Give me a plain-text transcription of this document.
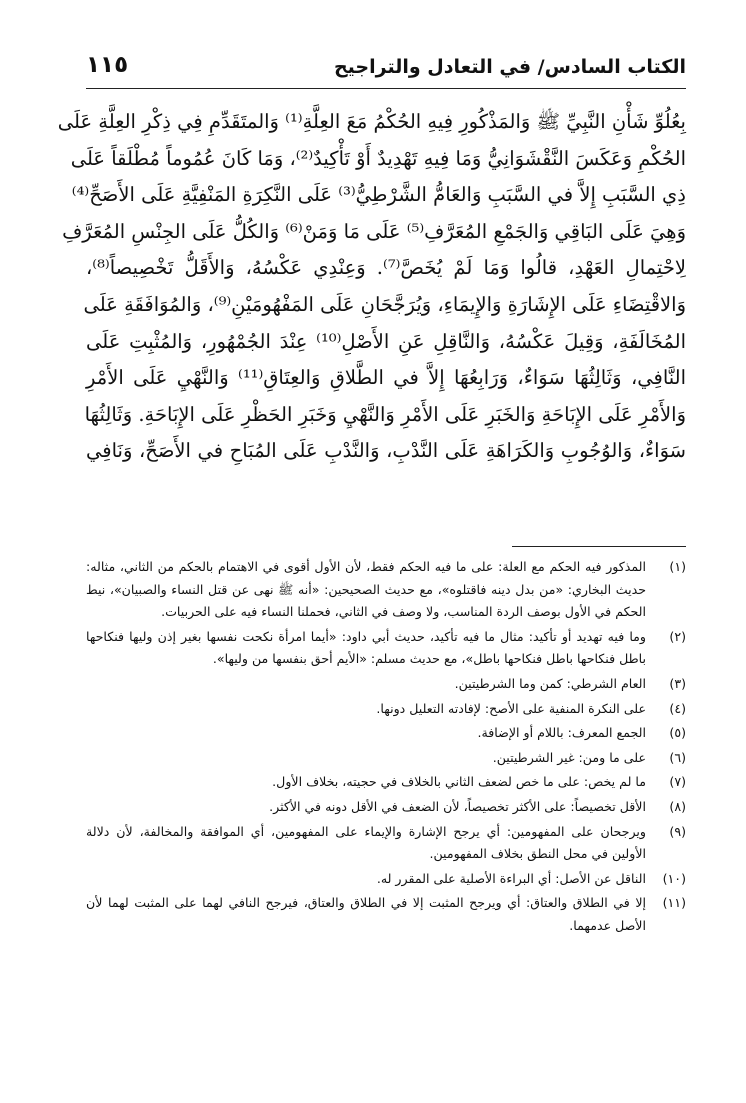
الكتاب السادس/ في التعادل والتراجيح
١١٥
بِعُلُوِّ شَأْنِ النَّبِيِّ ﷺ وَالمَذْكُورِ فِيهِ الحُكْمُ مَعَ العِلَّةِ⁽¹⁾ وَالمتَقَدِّمِ فِي ذِكْرِ العِلَّةِ عَلَى
الحُكْمِ وَعَكَسَ النَّقْشَوَانِيُّ وَمَا فِيهِ تَهْدِيدٌ أَوْ تَأْكِيدٌ⁽²⁾، وَمَا كَانَ عُمُوماً مُطْلَقاً عَلَى
ذِي السَّبَبِ إِلاَّ في السَّبَبِ وَالعَامُّ الشَّرْطِيُّ⁽³⁾ عَلَى النَّكِرَةِ المَنْفِيَّةِ عَلَى الأَصَحِّ⁽⁴⁾
وَهِيَ عَلَى البَاقِي وَالجَمْعِ المُعَرَّفِ⁽⁵⁾ عَلَى مَا وَمَنْ⁽⁶⁾ وَالكُلُّ عَلَى الجِنْسِ المُعَرَّفِ
لِاحْتِمالِ العَهْدِ، قالُوا وَمَا لَمْ يُخَصَّ⁽⁷⁾. وَعِنْدِي عَكْسُهُ، وَالأَقَلُّ تَخْصِيصاً⁽⁸⁾،
وَالاقْتِضَاءِ عَلَى الإِشَارَةِ وَالإِيمَاءِ، وَيُرَجَّحَانِ عَلَى المَفْهُومَيْنِ⁽⁹⁾، وَالمُوَافَقَةِ عَلَى
المُخَالَفَةِ، وَقِيلَ عَكْسُهُ، وَالنَّاقِلِ عَنِ الأَصْلِ⁽¹⁰⁾ عِنْدَ الجُمْهُورِ، وَالمُثْبِتِ عَلَى
النَّافِي، وَثَالِثُهَا سَوَاءٌ، وَرَابِعُهَا إِلاَّ في الطَّلاقِ وَالعِتَاقِ⁽¹¹⁾ وَالنَّهْيِ عَلَى الأَمْرِ
وَالأَمْرِ عَلَى الإِبَاحَةِ وَالخَبَرِ عَلَى الأَمْرِ وَالنَّهْيِ وَخَبَرِ الحَظْرِ عَلَى الإِبَاحَةِ. وَثَالِثُهَا
سَوَاءٌ، وَالوُجُوبِ وَالكَرَاهَةِ عَلَى النَّدْبِ، وَالنَّدْبِ عَلَى المُبَاحِ في الأَصَحِّ، وَنَافِي
(١)
المذكور فيه الحكم مع العلة: على ما فيه الحكم فقط، لأن الأول أقوى في الاهتمام بالحكم من الثاني، مثاله: حديث البخاري: «من بدل دينه فاقتلوه»، مع حديث الصحيحين: «أنه ﷺ نهى عن قتل النساء والصبيان»، نيط الحكم في الأول بوصف الردة المناسب، ولا وصف في الثاني، فحملنا النساء فيه على الحربيات.
(٢)
وما فيه تهديد أو تأكيد: مثال ما فيه تأكيد، حديث أبي داود: «أيما امرأة نكحت نفسها بغير إذن وليها فنكاحها باطل فنكاحها باطل فنكاحها باطل»، مع حديث مسلم: «الأيم أحق بنفسها من وليها».
(٣)
العام الشرطي: كمن وما الشرطيتين.
(٤)
على النكرة المنفية على الأصح: لإفادته التعليل دونها.
(٥)
الجمع المعرف: باللام أو الإضافة.
(٦)
على ما ومن: غير الشرطيتين.
(٧)
ما لم يخص: على ما خص لضعف الثاني بالخلاف في حجيته، بخلاف الأول.
(٨)
الأقل تخصيصاً: على الأكثر تخصيصاً، لأن الضعف في الأقل دونه في الأكثر.
(٩)
ويرجحان على المفهومين: أي يرجح الإشارة والإيماء على المفهومين، أي الموافقة والمخالفة، لأن دلالة الأولين في محل النطق بخلاف المفهومين.
(١٠)
الناقل عن الأصل: أي البراءة الأصلية على المقرر له.
(١١)
إلا في الطلاق والعتاق: أي ويرجح المثبت إلا في الطلاق والعتاق، فيرجح النافي لهما على المثبت لهما لأن الأصل عدمهما.
